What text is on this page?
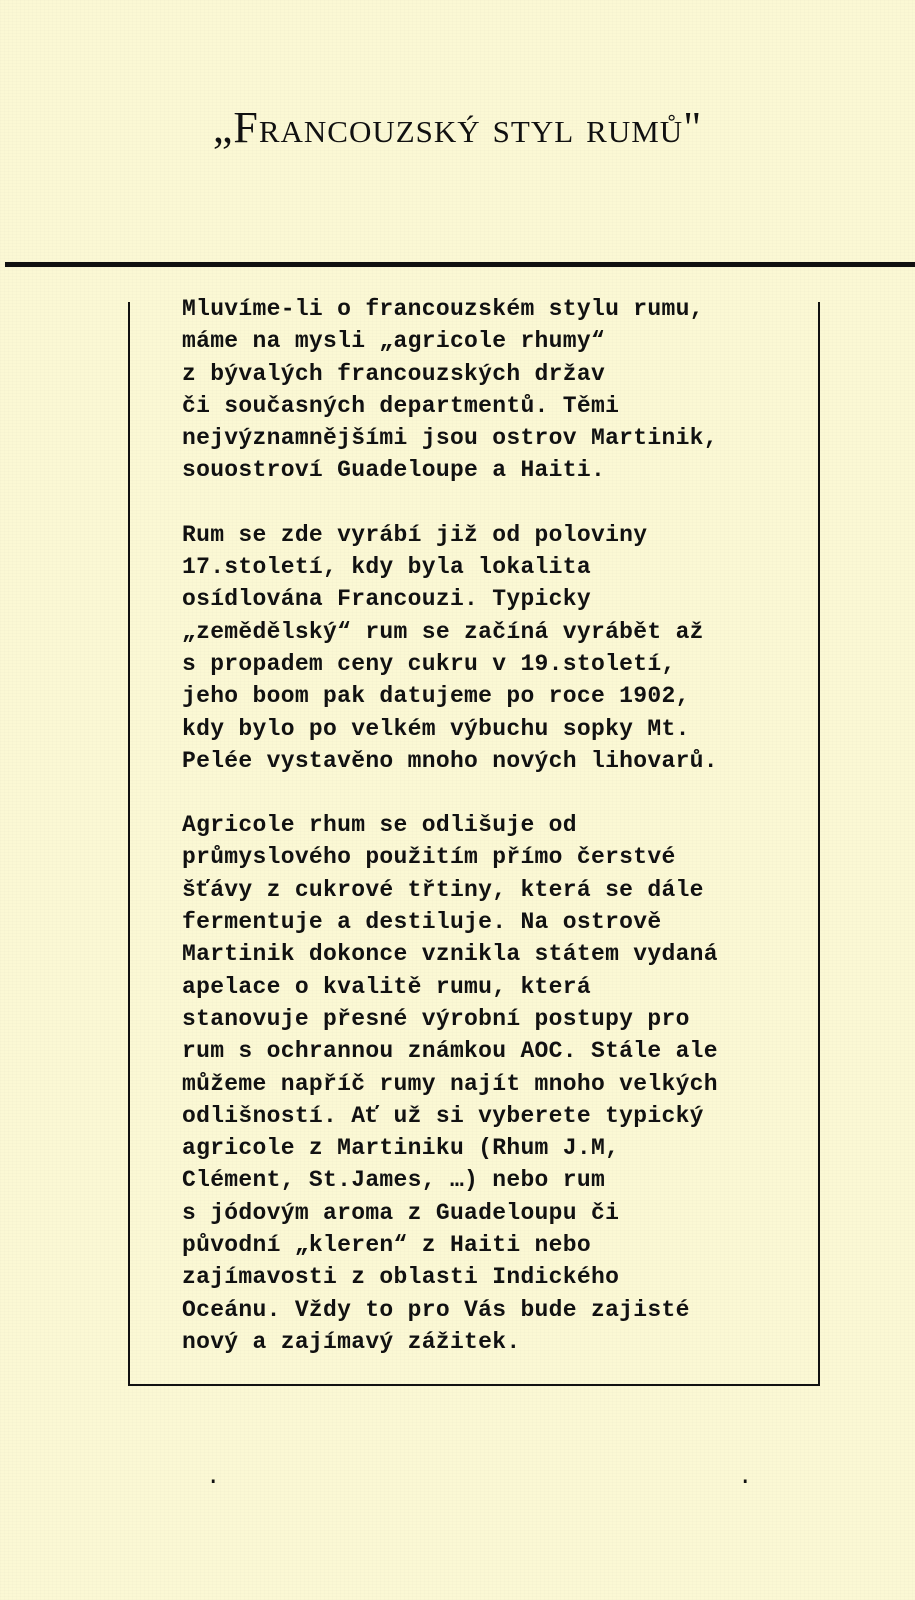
„Francouzský styl rumů"

Mluvíme-li o francouzském stylu rumu,
máme na mysli „agricole rhumy“
z bývalých francouzských držav
či současných departmentů. Těmi
nejvýznamnějšími jsou ostrov Martinik,
souostroví Guadeloupe a Haiti.

Rum se zde vyrábí již od poloviny
17.století, kdy byla lokalita
osídlována Francouzi. Typicky
„zemědělský“ rum se začíná vyrábět až
s propadem ceny cukru v 19.století,
jeho boom pak datujeme po roce 1902,
kdy bylo po velkém výbuchu sopky Mt.
Pelée vystavěno mnoho nových lihovarů.

Agricole rhum se odlišuje od
průmyslového použitím přímo čerstvé
šťávy z cukrové třtiny, která se dále
fermentuje a destiluje. Na ostrově
Martinik dokonce vznikla státem vydaná
apelace o kvalitě rumu, která
stanovuje přesné výrobní postupy pro
rum s ochrannou známkou AOC. Stále ale
můžeme napříč rumy najít mnoho velkých
odlišností. Ať už si vyberete typický
agricole z Martiniku (Rhum J.M,
Clément, St.James, …) nebo rum
s jódovým aroma z Guadeloupu či
původní „kleren“ z Haiti nebo
zajímavosti z oblasti Indického
Oceánu. Vždy to pro Vás bude zajisté
nový a zajímavý zážitek.

.	.
